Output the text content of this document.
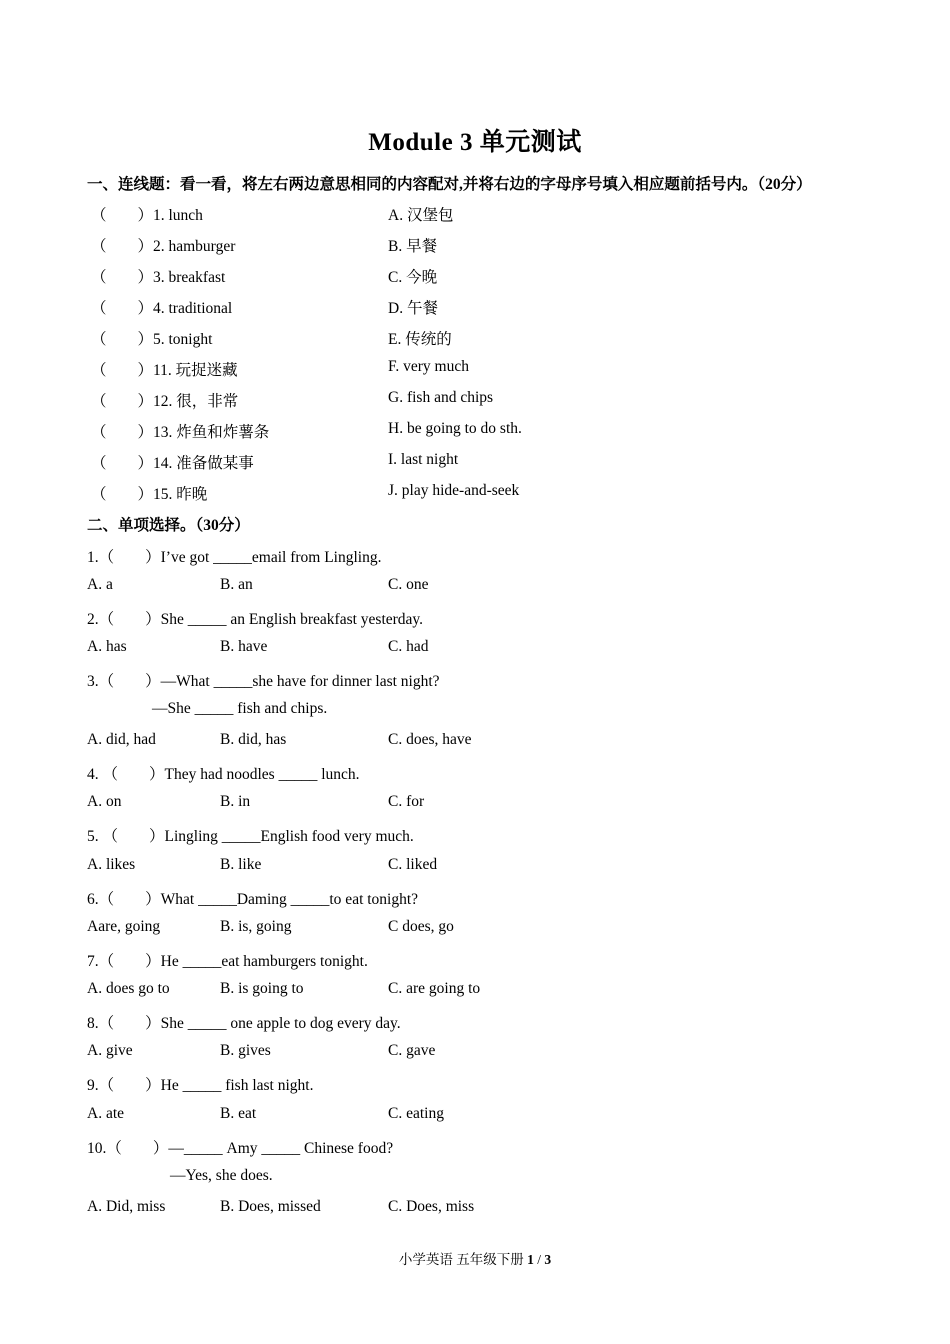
Module 3 单元测试
一、连线题：看一看，将左右两边意思相同的内容配对,并将右边的字母序号填入相应题前括号内。（20分）
（　　）1. lunch	A. 汉堡包
（　　）2. hamburger	B. 早餐
（　　）3. breakfast	C. 今晚
（　　）4. traditional	D. 午餐
（　　）5. tonight	E. 传统的
（　　）11. 玩捉迷藏	F. very much
（　　）12. 很，非常	G. fish and chips
（　　）13. 炸鱼和炸薯条	H. be going to do sth.
（　　）14. 准备做某事	I. last night
（　　）15. 昨晚	J. play hide-and-seek
二、单项选择。（30分）
1.（　　）I’ve got _____email from Lingling.
A. a	B. an	C. one
2.（　　）She _____ an English breakfast yesterday.
A. has	B. have	C. had
3.（　　）—What _____she have for dinner last night?
—She _____ fish and chips.
A. did, had	B. did, has	C. does, have
4. （　　）They had noodles _____ lunch.
A. on	B. in	C. for
5. （　　）Lingling _____English food very much.
A. likes	B. like	C. liked
6.（　　）What _____Daming _____to eat tonight?
Aare, going	B. is, going	C does, go
7.（　　）He _____eat hamburgers tonight.
A. does go to	B. is going to	C. are going to
8.（　　）She _____ one apple to dog every day.
A. give	B. gives	C. gave
9.（　　）He _____ fish last night.
A. ate	B. eat	C. eating
10.（　　）—_____ Amy _____ Chinese food?
—Yes, she does.
A. Did, miss	B. Does, missed	C. Does, miss
小学英语 五年级下册 1 / 3
